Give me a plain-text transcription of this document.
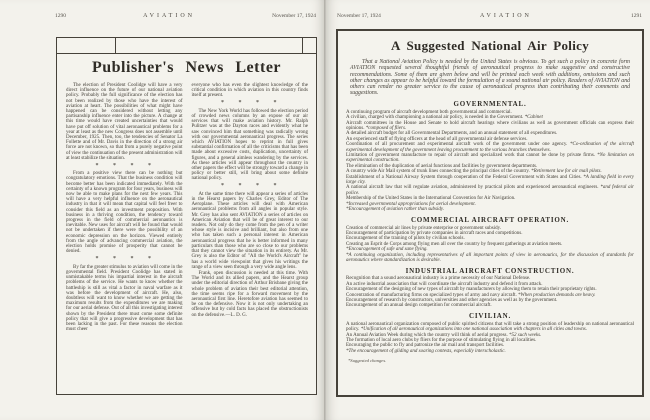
1290	AVIATION	November 17, 1924
Publisher's News Letter

The election of President Coolidge will have a very direct influence on the future of our national aviation policy. Probably the full significance of the election has not been realized by those who have the interest of aviation at heart. The possibilities of what might have happened can be considered without letting any partisanship influence enter into the picture. A change at this time would have created uncertainties that would have put off solution of vital aeronautical problems for a year at least as the new Congress does not assemble until December, 1925. Then, too, the tendencies of Senator La Follette and of Mr. Davis in the direction of a strong air force are not known, so that from a purely negative point of view the continuation of the present administration will at least stabilize the situation.

* * * *

From a positive view there can be nothing but congratulatory emotions. That the business condition will become better has been indicated immediately. With the certainty of a known program for four years, business will now be able to make plans for the next few years. This will have a very helpful influence on the aeronautical industry in that it will mean that capital will feel freer to consider this field as an investment proposition. With business in a thriving condition, the tendency toward progress in the field of commercial aeronautics is inevitable. New uses for aircraft will be found that would not be undertaken if there were the possibility of an economic depression on the horizon. Viewed entirely from the angle of advancing commercial aviation, the election holds promise of prosperity that cannot be denied.

* * * *

By far the greater stimulus to aviation will come in the governmental field. President Coolidge has stated in unmistakable terms his impartial interest in the aircraft problems of the service. He wants to know whether the battleship is still as vital a factor in naval warfare as it was before the development of aircraft. He, also, doubtless will want to know whether we are getting the maximum results from the expenditures we are making for our aerial defense. Out of all this investigating interest shown by the President there must come some definite policy that will give a progressive development that has been lacking in the past. For these reasons the election must cheer

everyone who has even the slightest knowledge of the critical condition in which aviation in this country finds itself at present.

* * * *

The New York World has followed the election period of crowded news columns by an expose of our air services that will make aviation history. Mr. Ralph Pulitzer was at the Dayton races and evidently what he saw convinced him that something was radically wrong with our governmental aeronautical progress. The series which AVIATION hopes to reprint in full gives substantial confirmation of all the criticisms that has been made about excessive costs, duplication, uncertainty of figures, and a general aimless wandering by the services. As these articles will appear throughout the country in other papers the effect will be strongly toward a change in policy or better still, will bring about some definite national policy.

* * * *

At the same time there will appear a series of articles in the Hearst papers by Charles Grey, Editor of The Aeroplane. These articles will deal with American aeronautical problems from all angles in popular style. Mr. Grey has also sent AVIATION a series of articles on American Aviation that will be of great interest to our readers. Not only do they come from the pen of a writer whose style is incisive and brilliant, but also from one who has taken such a personal interest in American aeronautical progress that he is better informed in many particulars than those who are so close to our problems that they cannot view the situation in its entirety. As Mr. Grey is also the Editor of "All the World's Aircraft" he has a world wide viewpoint that gives his writings the range of a view seen through a very wide angle lens.

Frank, open discussion is needed at this time. With The World and its allied papers, and the Hearst group under the editorial direction of Arthur Brisbane giving the whole problem of aviation their best editorial attention, the time seems ripe for a forward movement by the aeronautical first line. Heretofore aviation has seemed to be on the defensive. Now it is not only undertaking an offensive but by cold facts has placed the obstructionists on the defensive.—L. D. G.

November 17, 1924	AVIATION	1291
A Suggested National Air Policy

That a National Aviation Policy is needed by the United States is obvious. To get such a policy in concrete form AVIATION requested several thoughtful friends of aeronautical progress to make suggestive and constructive recommendations. Some of them are given below and will be printed each week with additions, omissions and such other changes as appear to be helpful toward the formulation of a sound national air policy. Readers of AVIATION and others can render no greater service to the cause of aeronautical progress than contributing their comments and suggestions.

GOVERNMENTAL.

A continuing program of aircraft development both governmental and commercial.

A civilian, charged with championing a national air policy, is needed in the Government. *Cabinet

Aircraft committees in the House and Senate to hold aircraft hearings where civilians as well as government officials can express their opinions. *composed of fliers.

A detailed aircraft budget for all Governmental Departments, and an annual statement of all expenditures.

An experienced staff of flying officers at the head of all governmental air defense services.

Coordination of all procurement and experimental aircraft work of the government under one agency. *Co-ordination of the aircraft experimental development of the government leaving procurement to the various branches themselves.

Limitation of government manufacture to repair of aircraft and specialized work that cannot be done by private firms. *No limitation on experimental construction.

The elimination of the duplication of aerial functions and facilities by government departments.

A country wide Air Mail system of trunk lines connecting the principal cities of the country. *Retirement law for air mail pilots.

Establishment of a National Airway System through cooperation of the Federal Government with States and Cities. *A landing field in every large city.

A national aircraft law that will regulate aviation, administered by practical pilots and experienced aeronautical engineers. *and federal air police.

Membership of the United States in the International Convention for Air Navigation.

*Increased governmental appropriations for aerial development.

*Encouragement of aviation rather than subsidy.

COMMERCIAL AIRCRAFT OPERATION.

Creation of commercial air lines by private enterprise or government subsidy.

Encouragement of participation by private companies in aircraft races and competitions.

Encouragement of the training of pilots by civilian schools.

Creating an Esprit de Corps among flying men all over the country by frequent gatherings at aviation meets.

*Encouragement of safe and sane flying.

*A continuing organization, including representatives of all important points of view in aeronautics, for the discussion of standards for aeronautics where standardization is desirable.

INDUSTRIAL AIRCRAFT CONSTRUCTION.

Recognition that a sound aeronautical industry is a prime necessity of our National Defense.

An active industrial association that will coordinate the aircraft industry and defend it from attack.

Encouragement of the designing of new types of aircraft by manufacturers by allowing them to retain their proprietary rights.

Concentration of manufacturing firms on specialized types of army and navy aircraft. *When production demands are heavy.

Encouragement of research by constructors, universities and other agencies as well as by the government.

Encouragement of an annual design competition for commercial aircraft.

CIVILIAN.

A national aeronautical organization composed of public spirited citizens that will take a strong position of leadership on national aeronautical policy. *Unification of all aeronautical organizations into one national association with chapters in all cities and towns.

An Annual Aviation Week during which the country will think of aerial progress. *52 such weeks.

The formation of local aero clubs by fliers for the purpose of stimulating flying in all localities.

Encouraging the public to fly and patronize the air mail and transport facilities.

*The encouragement of gliding and soaring contests, especially interscholastic.

*Suggested changes.
